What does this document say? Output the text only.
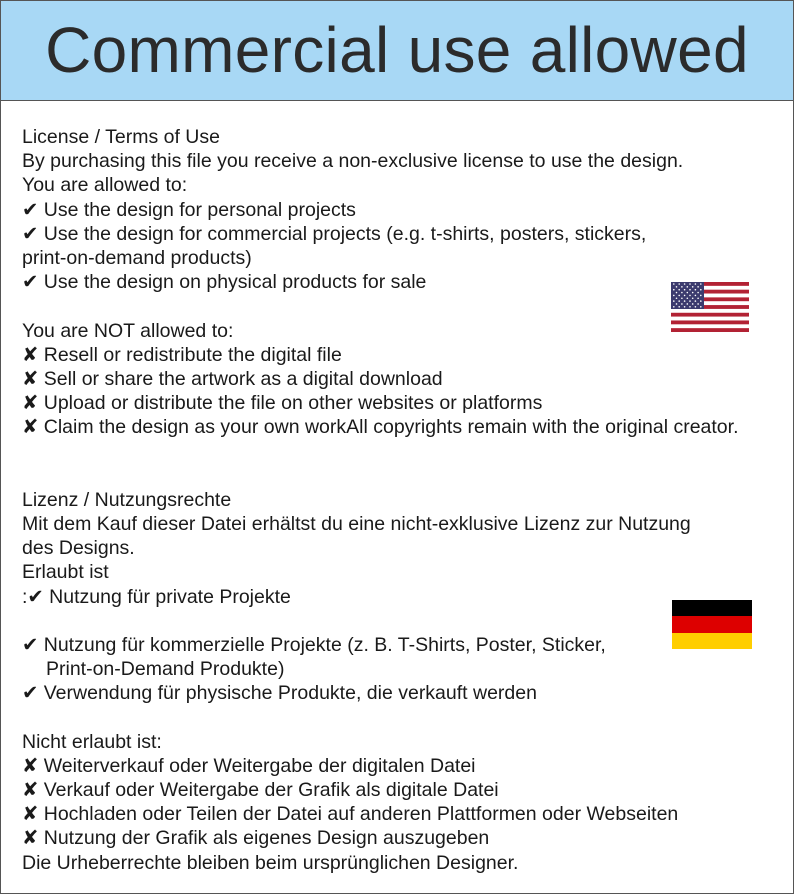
Commercial use allowed
License / Terms of Use
By purchasing this file you receive a non-exclusive license to use the design.
You are allowed to:
✔ Use the design for personal projects
✔ Use the design for commercial projects (e.g. t-shirts, posters, stickers,
print-on-demand products)
✔ Use the design on physical products for sale
You are NOT allowed to:
✘ Resell or redistribute the digital file
✘ Sell or share the artwork as a digital download
✘ Upload or distribute the file on other websites or platforms
✘ Claim the design as your own workAll copyrights remain with the original creator.
Lizenz / Nutzungsrechte
Mit dem Kauf dieser Datei erhältst du eine nicht-exklusive Lizenz zur Nutzung
des Designs.
Erlaubt ist
:✔ Nutzung für private Projekte
✔ Nutzung für kommerzielle Projekte (z. B. T-Shirts, Poster, Sticker,
Print-on-Demand Produkte)
✔ Verwendung für physische Produkte, die verkauft werden
Nicht erlaubt ist:
✘ Weiterverkauf oder Weitergabe der digitalen Datei
✘ Verkauf oder Weitergabe der Grafik als digitale Datei
✘ Hochladen oder Teilen der Datei auf anderen Plattformen oder Webseiten
✘ Nutzung der Grafik als eigenes Design auszugeben
Die Urheberrechte bleiben beim ursprünglichen Designer.
